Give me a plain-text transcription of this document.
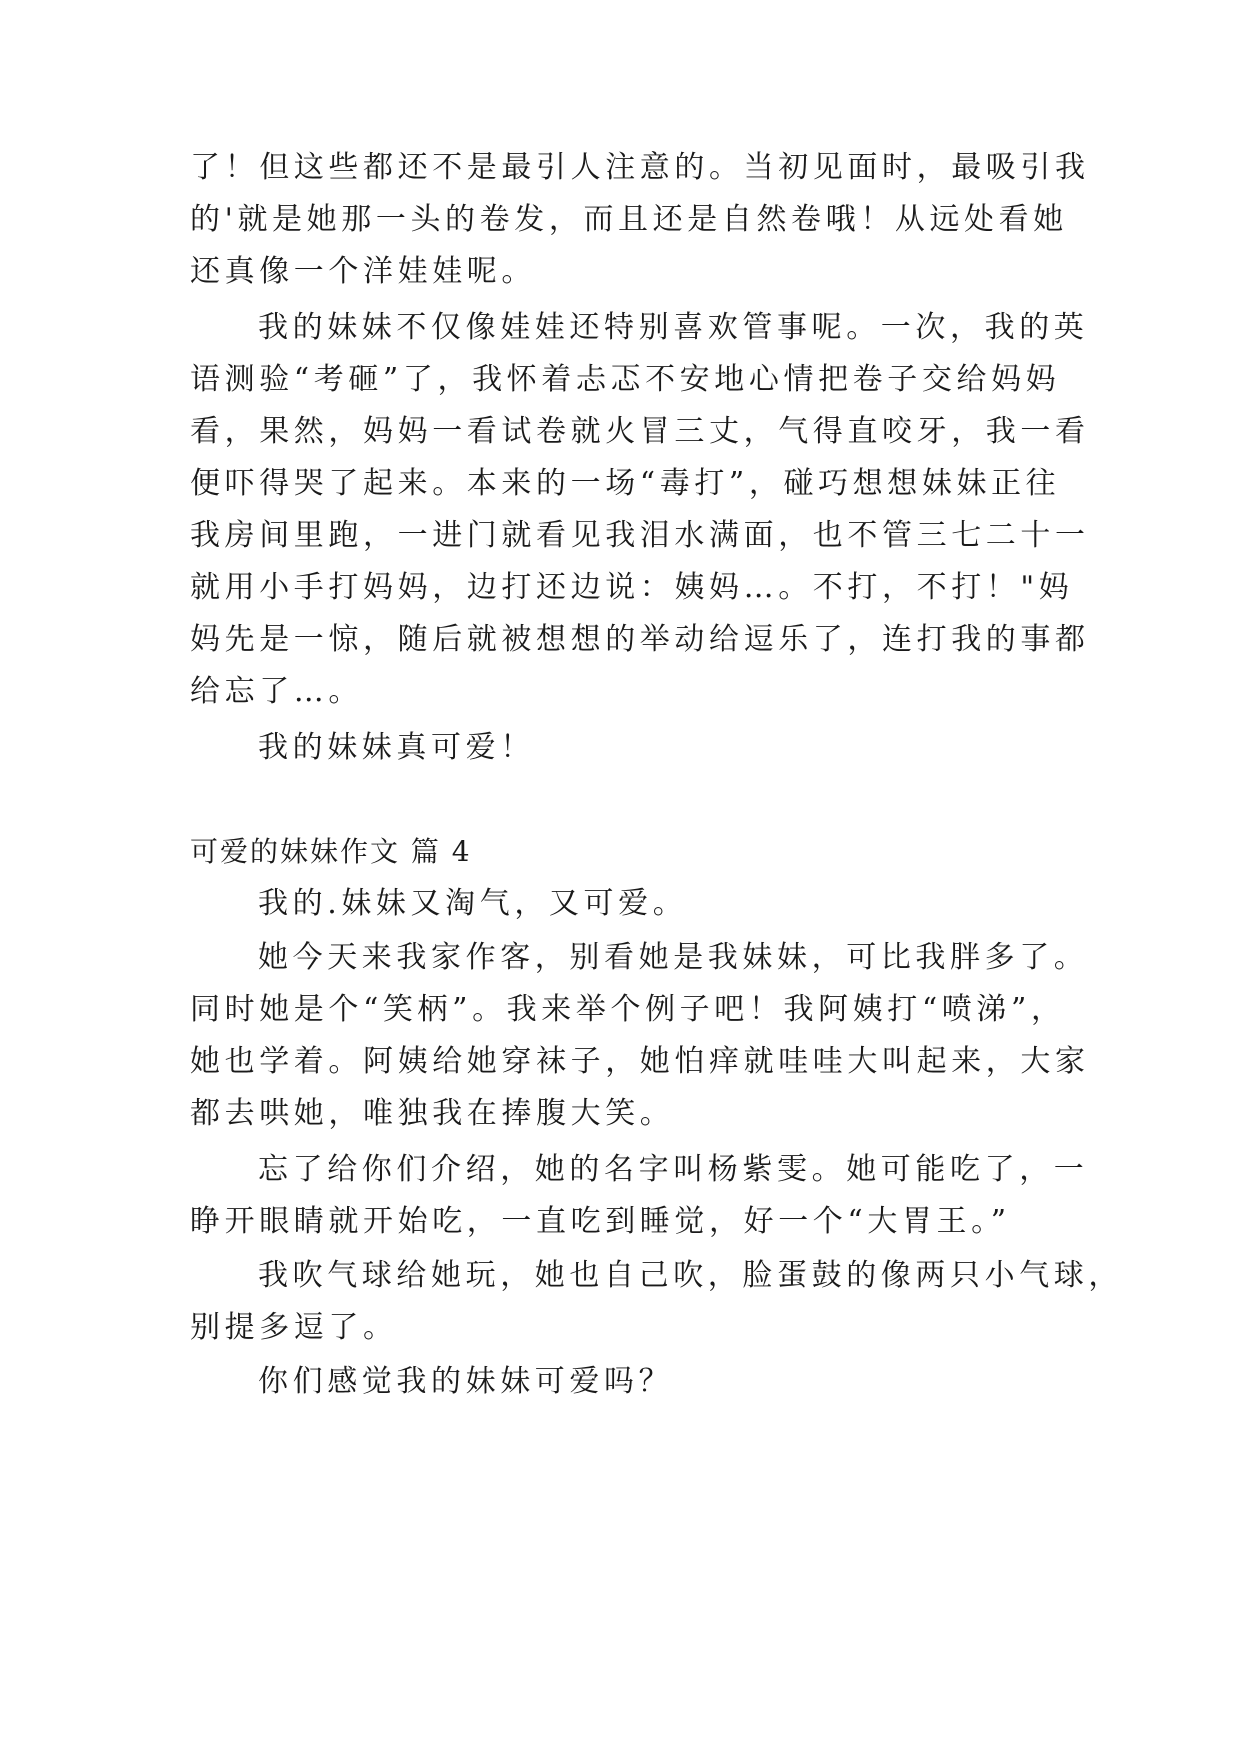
了！但这些都还不是最引人注意的。当初见面时，最吸引我
的'就是她那一头的卷发，而且还是自然卷哦！从远处看她
还真像一个洋娃娃呢。
我的妹妹不仅像娃娃还特别喜欢管事呢。一次，我的英
语测验“考砸”了，我怀着忐忑不安地心情把卷子交给妈妈
看，果然，妈妈一看试卷就火冒三丈，气得直咬牙，我一看
便吓得哭了起来。本来的一场“毒打”，碰巧想想妹妹正往
我房间里跑，一进门就看见我泪水满面，也不管三七二十一
就用小手打妈妈，边打还边说：姨妈…。不打，不打！"妈
妈先是一惊，随后就被想想的举动给逗乐了，连打我的事都
给忘了…。
我的妹妹真可爱！
可爱的妹妹作文 篇 4
我的.妹妹又淘气，又可爱。
她今天来我家作客，别看她是我妹妹，可比我胖多了。
同时她是个“笑柄”。我来举个例子吧！我阿姨打“喷涕”，
她也学着。阿姨给她穿袜子，她怕痒就哇哇大叫起来，大家
都去哄她，唯独我在捧腹大笑。
忘了给你们介绍，她的名字叫杨紫雯。她可能吃了，一
睁开眼睛就开始吃，一直吃到睡觉，好一个“大胃王。”
我吹气球给她玩，她也自己吹，脸蛋鼓的像两只小气球，
别提多逗了。
你们感觉我的妹妹可爱吗？
